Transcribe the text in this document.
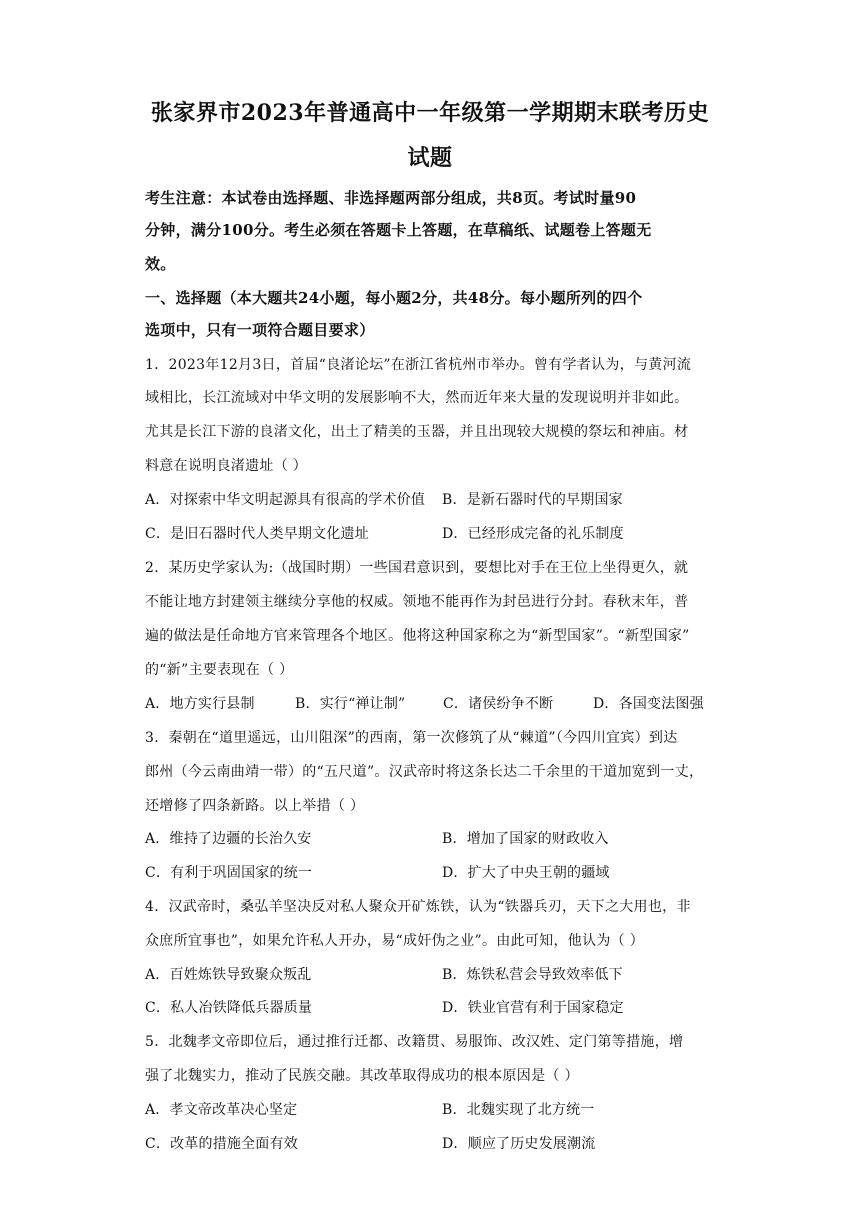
张家界市2023年普通高中一年级第一学期期末联考历史
试题
考生注意：本试卷由选择题、非选择题两部分组成，共8页。考试时量90
分钟，满分100分。考生必须在答题卡上答题，在草稿纸、试题卷上答题无
效。
一、选择题（本大题共24小题，每小题2分，共48分。每小题所列的四个
选项中，只有一项符合题目要求）
1．2023年12月3日，首届“良渚论坛”在浙江省杭州市举办。曾有学者认为，与黄河流
域相比，长江流域对中华文明的发展影响不大，然而近年来大量的发现说明并非如此。
尤其是长江下游的良渚文化，出土了精美的玉器，并且出现较大规模的祭坛和神庙。材
料意在说明良渚遗址（ ）
A．对探索中华文明起源具有很高的学术价值 B．是新石器时代的早期国家
C．是旧石器时代人类早期文化遗址	D．已经形成完备的礼乐制度
2．某历史学家认为:（战国时期）一些国君意识到，要想比对手在王位上坐得更久，就
不能让地方封建领主继续分享他的权威。领地不能再作为封邑进行分封。春秋末年，普
遍的做法是任命地方官来管理各个地区。他将这种国家称之为“新型国家”。“新型国家”
的“新”主要表现在（ ）
A．地方实行县制	B．实行“禅让制”	C．诸侯纷争不断	D．各国变法图强
3．秦朝在“道里遥远，山川阻深”的西南，第一次修筑了从“棘道”（今四川宜宾）到达
郎州（今云南曲靖一带）的“五尺道”。汉武帝时将这条长达二千余里的干道加宽到一丈，
还增修了四条新路。以上举措（ ）
A．维持了边疆的长治久安	B．增加了国家的财政收入
C．有利于巩固国家的统一	D．扩大了中央王朝的疆域
4．汉武帝时，桑弘羊坚决反对私人聚众开矿炼铁，认为“铁器兵刃，天下之大用也，非
众庶所宜事也”，如果允许私人开办，易“成奸伪之业”。由此可知，他认为（ ）
A．百姓炼铁导致聚众叛乱	B．炼铁私营会导致效率低下
C．私人冶铁降低兵器质量	D．铁业官营有利于国家稳定
5．北魏孝文帝即位后，通过推行迁都、改籍贯、易服饰、改汉姓、定门第等措施，增
强了北魏实力，推动了民族交融。其改革取得成功的根本原因是（ ）
A．孝文帝改革决心坚定	B．北魏实现了北方统一
C．改革的措施全面有效	D．顺应了历史发展潮流
